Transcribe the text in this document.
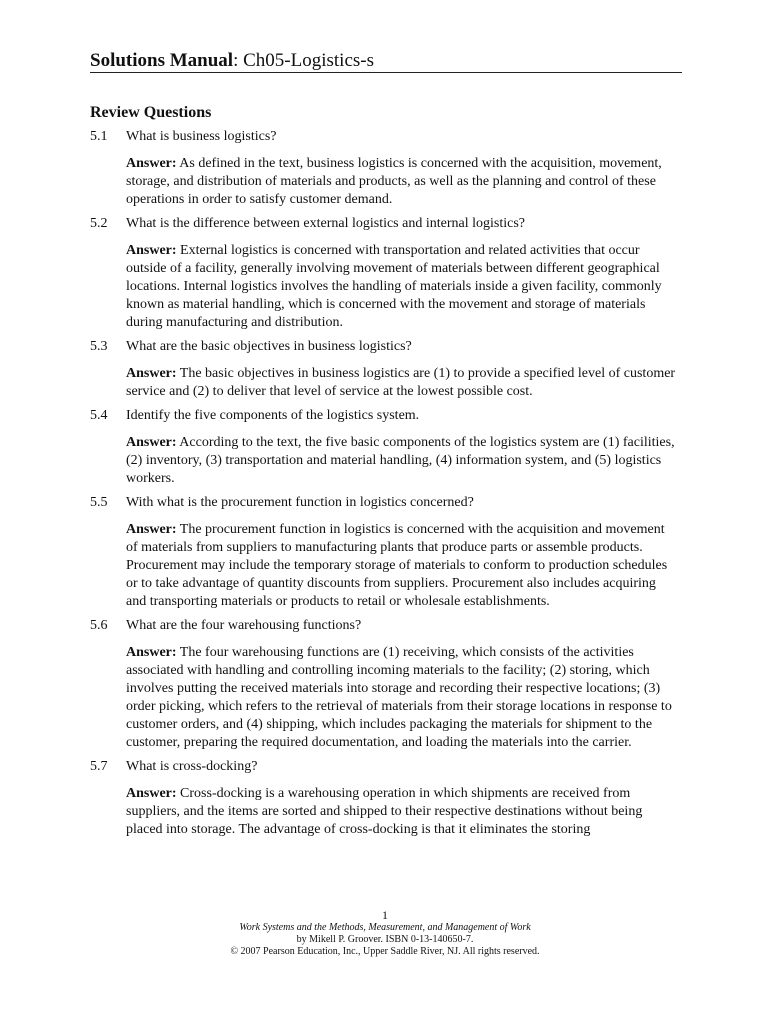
Solutions Manual: Ch05-Logistics-s
Review Questions
5.1	What is business logistics?
Answer: As defined in the text, business logistics is concerned with the acquisition, movement, storage, and distribution of materials and products, as well as the planning and control of these operations in order to satisfy customer demand.
5.2	What is the difference between external logistics and internal logistics?
Answer: External logistics is concerned with transportation and related activities that occur outside of a facility, generally involving movement of materials between different geographical locations. Internal logistics involves the handling of materials inside a given facility, commonly known as material handling, which is concerned with the movement and storage of materials during manufacturing and distribution.
5.3	What are the basic objectives in business logistics?
Answer: The basic objectives in business logistics are (1) to provide a specified level of customer service and (2) to deliver that level of service at the lowest possible cost.
5.4	Identify the five components of the logistics system.
Answer: According to the text, the five basic components of the logistics system are (1) facilities, (2) inventory, (3) transportation and material handling, (4) information system, and (5) logistics workers.
5.5	With what is the procurement function in logistics concerned?
Answer: The procurement function in logistics is concerned with the acquisition and movement of materials from suppliers to manufacturing plants that produce parts or assemble products. Procurement may include the temporary storage of materials to conform to production schedules or to take advantage of quantity discounts from suppliers. Procurement also includes acquiring and transporting materials or products to retail or wholesale establishments.
5.6	What are the four warehousing functions?
Answer: The four warehousing functions are (1) receiving, which consists of the activities associated with handling and controlling incoming materials to the facility; (2) storing, which involves putting the received materials into storage and recording their respective locations; (3) order picking, which refers to the retrieval of materials from their storage locations in response to customer orders, and (4) shipping, which includes packaging the materials for shipment to the customer, preparing the required documentation, and loading the materials into the carrier.
5.7	What is cross-docking?
Answer: Cross-docking is a warehousing operation in which shipments are received from suppliers, and the items are sorted and shipped to their respective destinations without being placed into storage. The advantage of cross-docking is that it eliminates the storing
1
Work Systems and the Methods, Measurement, and Management of Work
by Mikell P. Groover. ISBN 0-13-140650-7.
© 2007 Pearson Education, Inc., Upper Saddle River, NJ. All rights reserved.
